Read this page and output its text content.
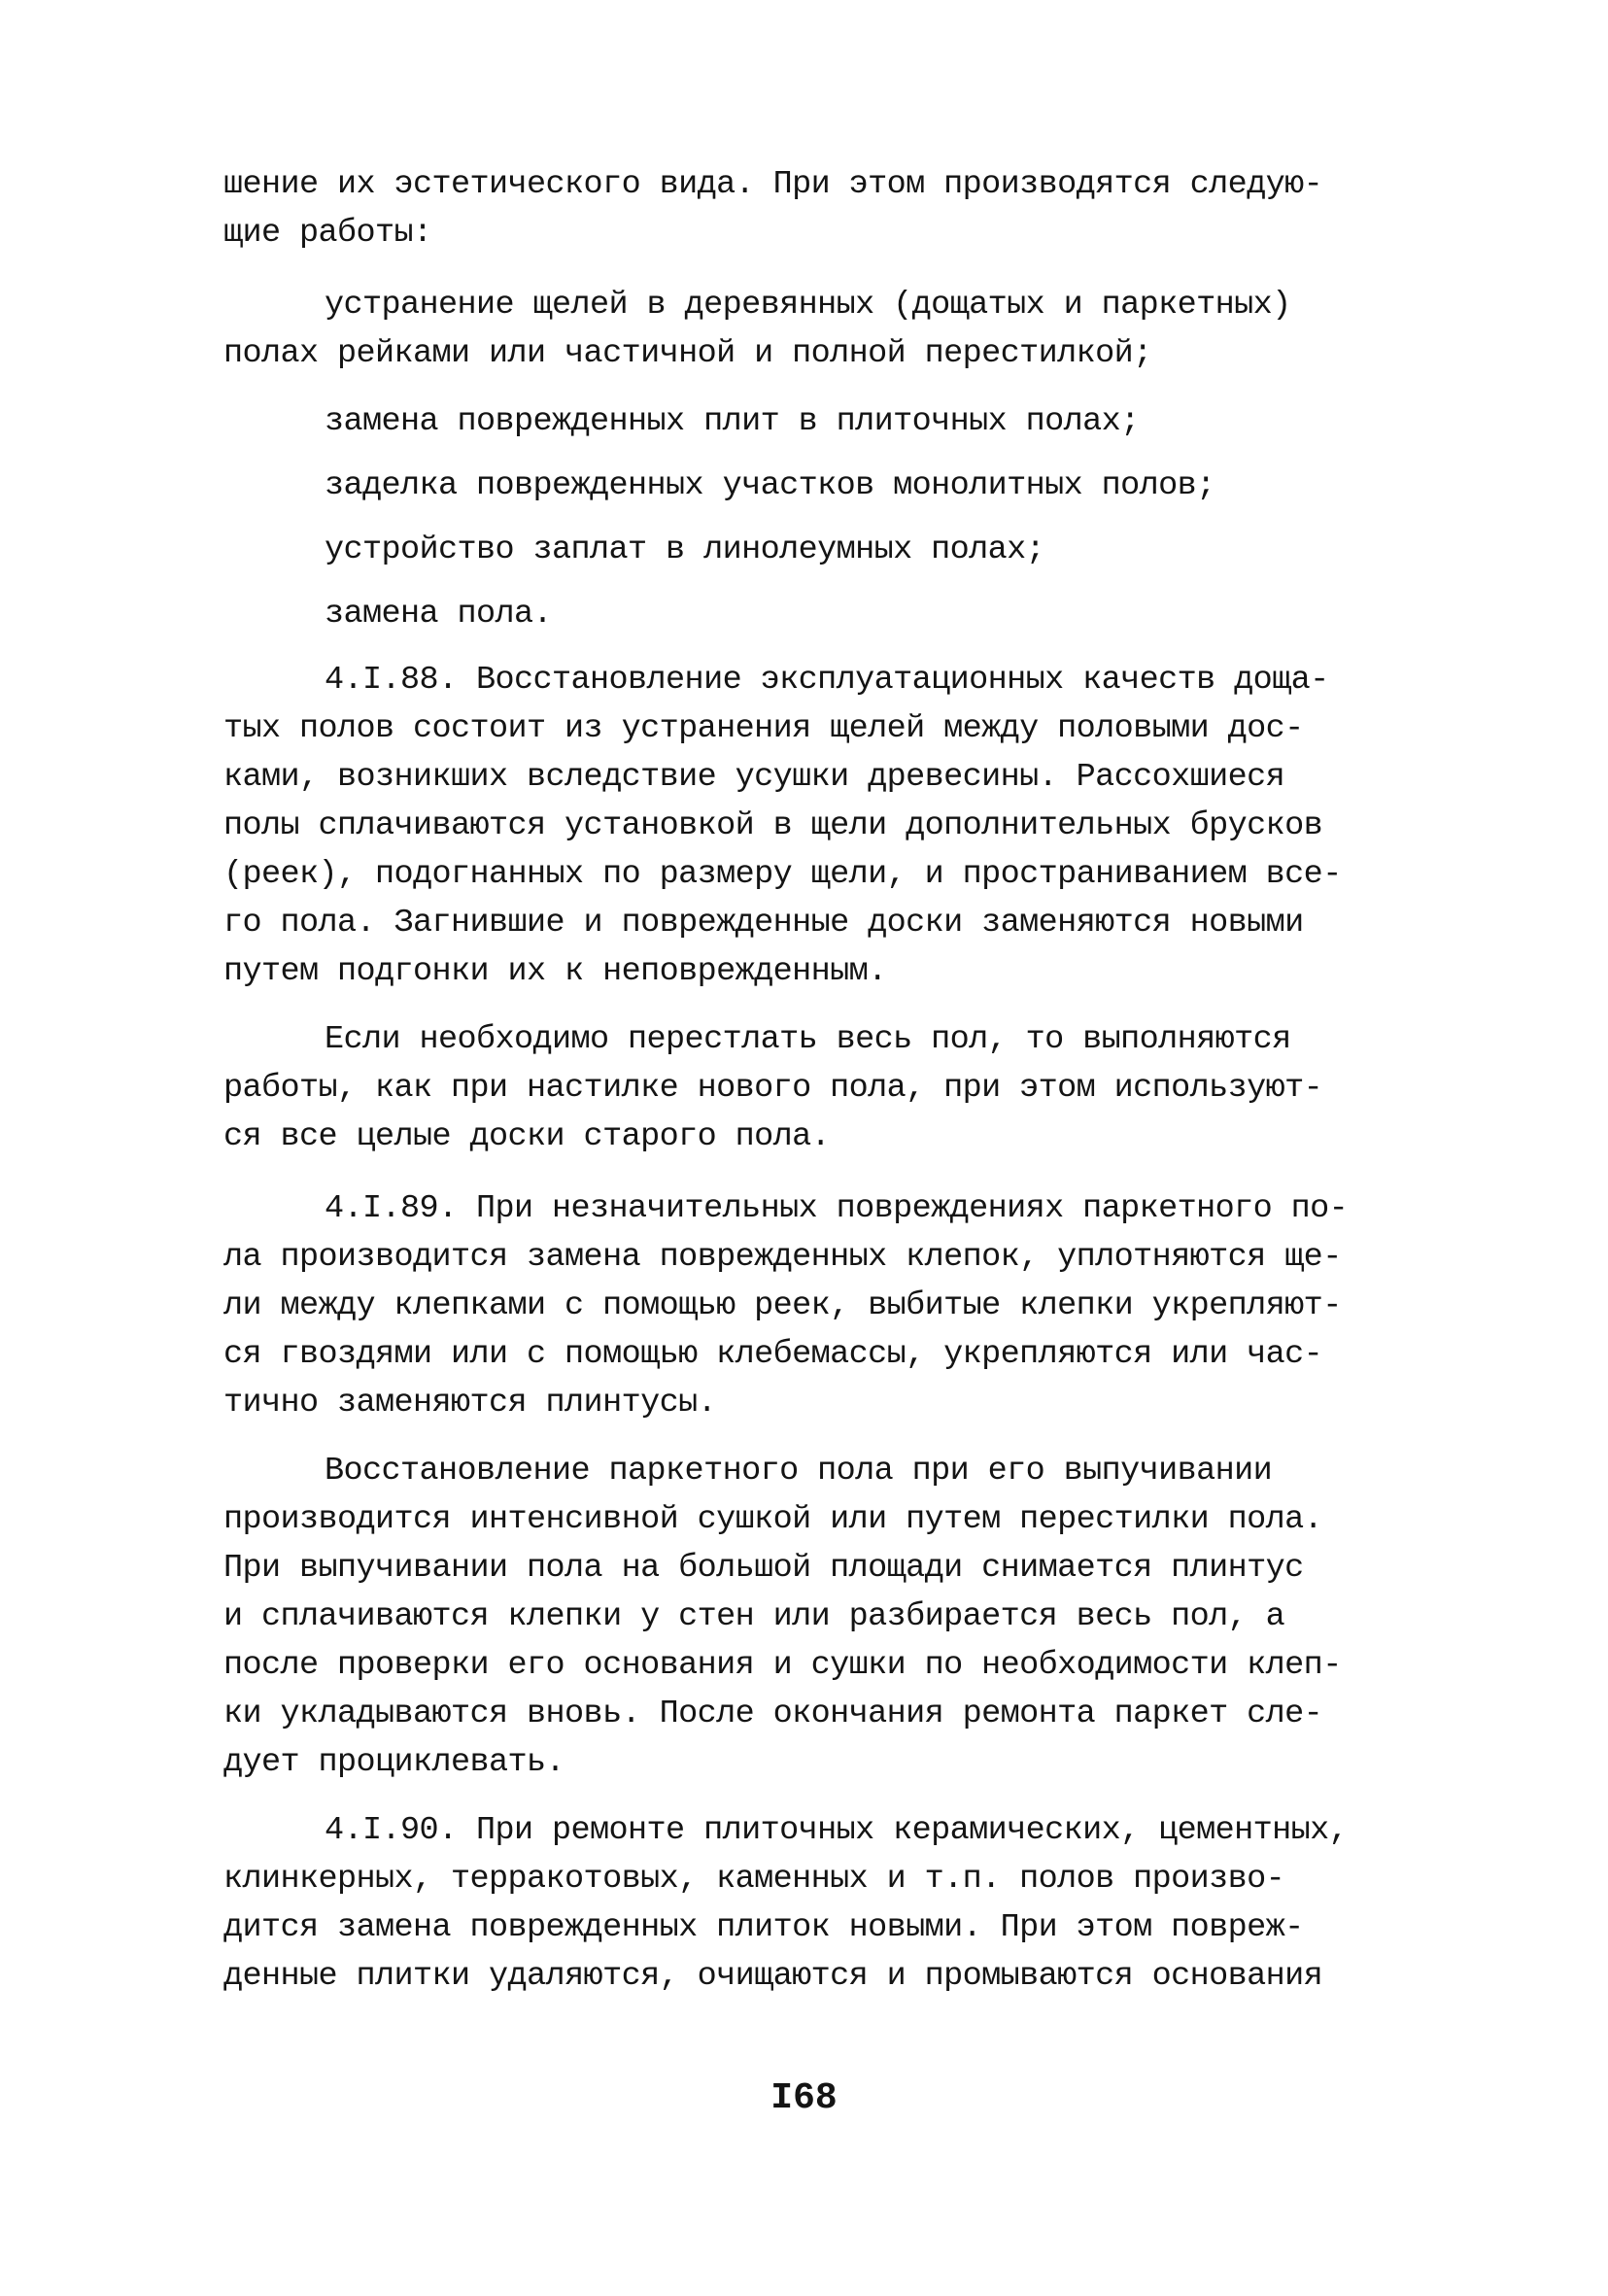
шение их эстетического вида. При этом производятся следую-

щие работы:

устранение щелей в деревянных (дощатых и паркетных)

полах рейками или частичной и полной перестилкой;

замена поврежденных плит в плиточных полах;

заделка поврежденных участков монолитных полов;

устройство заплат в линолеумных полах;

замена пола.

4.I.88. Восстановление эксплуатационных качеств доща-

тых полов состоит из устранения щелей между половыми дос-

ками, возникших вследствие усушки древесины. Рассохшиеся

полы сплачиваются установкой в щели дополнительных брусков

(реек), подогнанных по размеру щели, и пространиванием все-

го пола. Загнившие и поврежденные доски заменяются новыми

путем подгонки их к неповрежденным.

Если необходимо перестлать весь пол, то выполняются

работы, как при настилке нового пола, при этом используют-

ся все целые доски старого пола.

4.I.89. При незначительных повреждениях паркетного по-

ла производится замена поврежденных клепок, уплотняются ще-

ли между клепками с помощью реек, выбитые клепки укрепляют-

ся гвоздями или с помощью клебемассы, укрепляются или час-

тично заменяются плинтусы.

Восстановление паркетного пола при его выпучивании

производится интенсивной сушкой или путем перестилки пола.

При выпучивании пола на большой площади снимается плинтус

и сплачиваются клепки у стен или разбирается весь пол, а

после проверки его основания и сушки по необходимости клеп-

ки укладываются вновь. После окончания ремонта паркет сле-

дует проциклевать.

4.I.90. При ремонте плиточных керамических, цементных,

клинкерных, терракотовых, каменных и т.п. полов произво-

дится замена поврежденных плиток новыми. При этом повреж-

денные плитки удаляются, очищаются и промываются основания

I68
